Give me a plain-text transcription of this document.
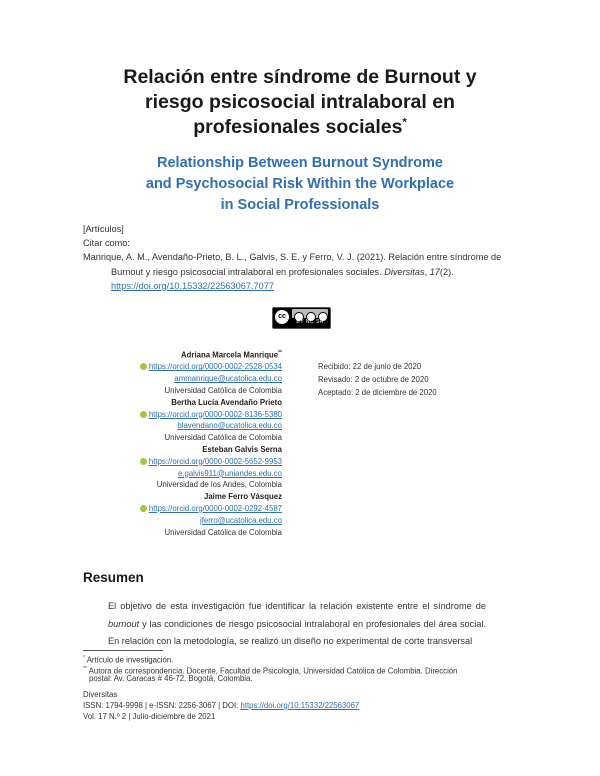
Relación entre síndrome de Burnout y
riesgo psicosocial intralaboral en
profesionales sociales*
Relationship Between Burnout Syndrome
and Psychosocial Risk Within the Workplace
in Social Professionals
[Artículos]
Citar como:
Manrique, A. M., Avendaño-Prieto, B. L., Galvis, S. E. y Ferro, V. J. (2021). Relación entre síndrome de
Burnout y riesgo psicosocial intralaboral en profesionales sociales. Diversitas, 17(2).
https://doi.org/10.15332/22563067.7077
cc
BY NC SA
Adriana Marcela Manrique**
https://orcid.org/0000-0002-2528-0534
ammanrique@ucatolica.edu.co
Universidad Católica de Colombia
Bertha Lucía Avendaño Prieto
https://orcid.org/0000-0002-8136-5380
blavendano@ucatolica.edu.co
Universidad Católica de Colombia
Esteban Galvis Serna
https://orcid.org/0000-0002-5652-9953
e.galvis911@uniandes.edu.co
Universidad de los Andes, Colombia
Jaime Ferro Vásquez
https://orcid.org/0000-0002-0292-4587
jferro@ucatolica.edu.co
Universidad Católica de Colombia
Recibido: 22 de junio de 2020
Revisado: 2 de octubre de 2020
Aceptado: 2 de diciembre de 2020
Resumen
El objetivo de esta investigación fue identificar la relación existente entre el síndrome de
burnout y las condiciones de riesgo psicosocial intralaboral en profesionales del área social.
En relación con la metodología, se realizó un diseño no experimental de corte transversal
* Artículo de investigación.
** Autora de correspondencia. Docente, Facultad de Psicología, Universidad Católica de Colombia. Dirección
postal: Av. Caracas # 46-72, Bogotá, Colombia.
Diversitas
ISSN: 1794-9998 | e-ISSN: 2256-3067 | DOI: https://doi.org/10.15332/22563067
Vol. 17 N.º 2 | Julio-diciembre de 2021
